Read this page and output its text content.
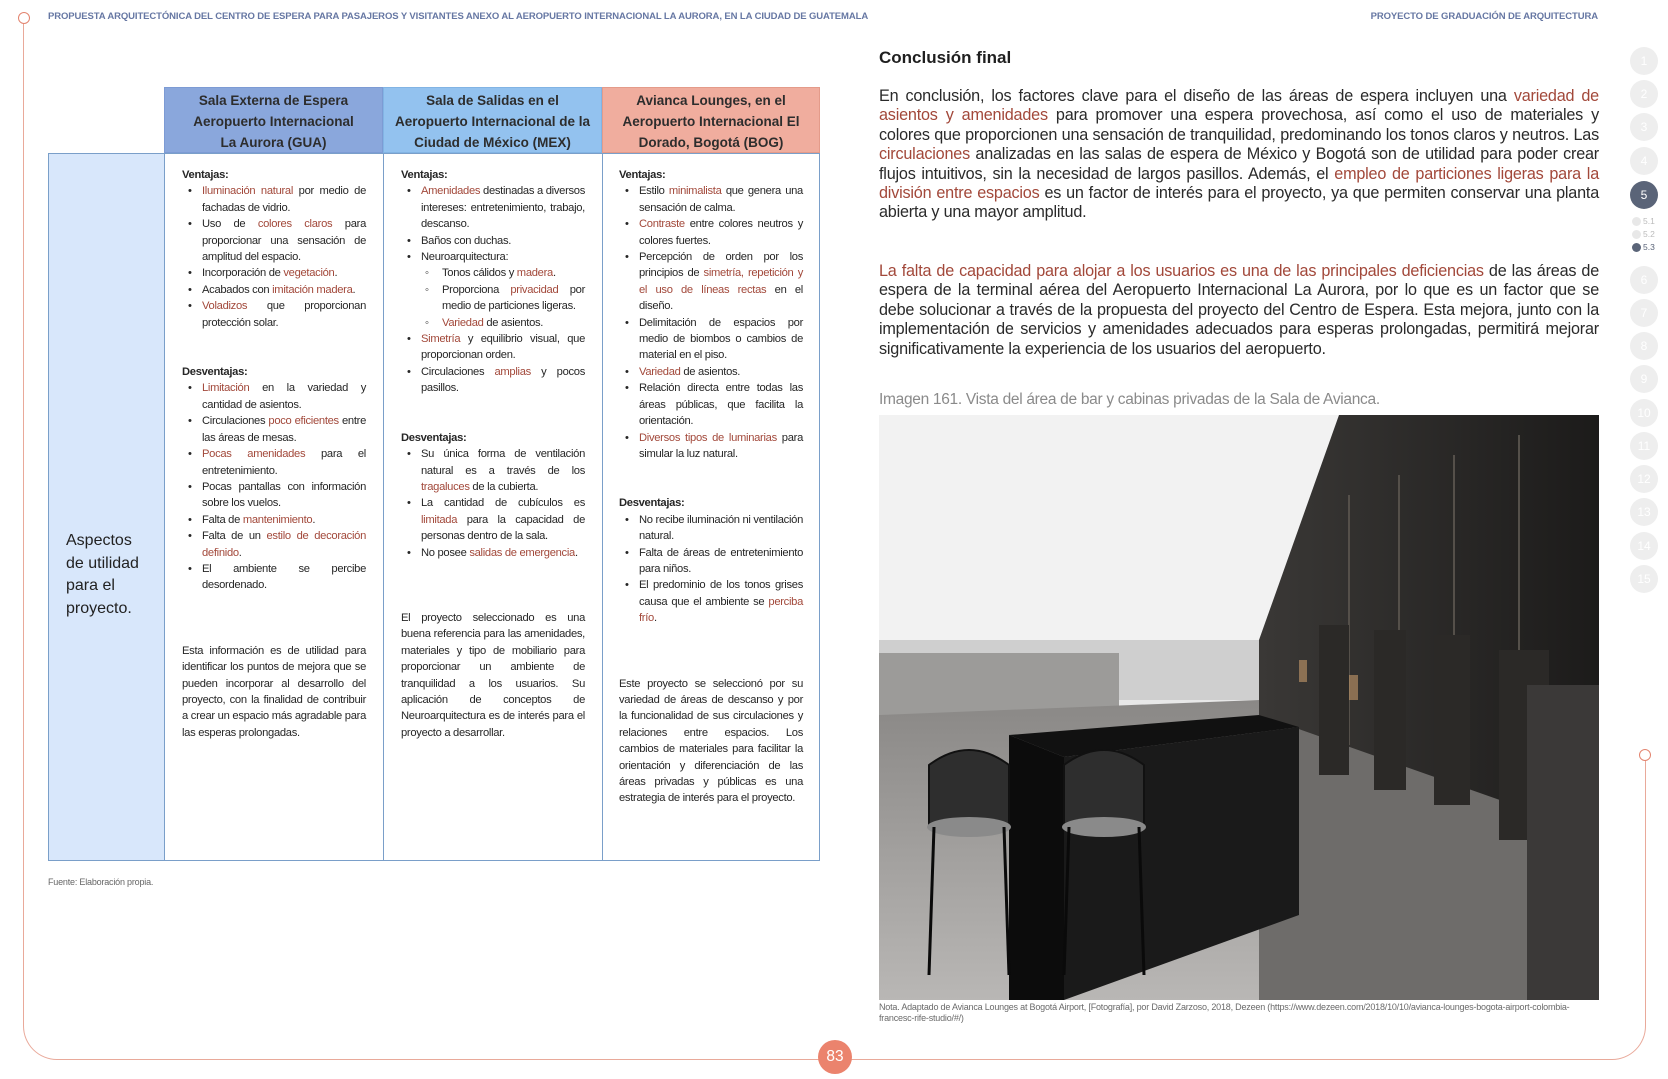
PROPUESTA ARQUITECTÓNICA DEL CENTRO DE ESPERA PARA PASAJEROS Y VISITANTES ANEXO AL AEROPUERTO INTERNACIONAL LA AURORA, EN LA CIUDAD DE GUATEMALA	PROYECTO DE GRADUACIÓN DE ARQUITECTURA
Sala Externa de Espera
Aeropuerto Internacional
La Aurora (GUA)
Sala de Salidas en el
Aeropuerto Internacional de la
Ciudad de México (MEX)
Avianca Lounges, en el
Aeropuerto Internacional El
Dorado, Bogotá (BOG)
Aspectos
de utilidad
para el
proyecto.
Ventajas:
• Iluminación natural por medio de fachadas de vidrio.
• Uso de colores claros para proporcionar una sensación de amplitud del espacio.
• Incorporación de vegetación.
• Acabados con imitación madera.
• Voladizos que proporcionan protección solar.
Desventajas:
• Limitación en la variedad y cantidad de asientos.
• Circulaciones poco eficientes entre las áreas de mesas.
• Pocas amenidades para el entretenimiento.
• Pocas pantallas con información sobre los vuelos.
• Falta de mantenimiento.
• Falta de un estilo de decoración definido.
• El ambiente se percibe desordenado.
Esta información es de utilidad para identificar los puntos de mejora que se pueden incorporar al desarrollo del proyecto, con la finalidad de contribuir a crear un espacio más agradable para las esperas prolongadas.
Ventajas:
• Amenidades destinadas a diversos intereses: entretenimiento, trabajo, descanso.
• Baños con duchas.
• Neuroarquitectura:
◦ Tonos cálidos y madera.
◦ Proporciona privacidad por medio de particiones ligeras.
◦ Variedad de asientos.
• Simetría y equilibrio visual, que proporcionan orden.
• Circulaciones amplias y pocos pasillos.
Desventajas:
• Su única forma de ventilación natural es a través de los tragaluces de la cubierta.
• La cantidad de cubículos es limitada para la capacidad de personas dentro de la sala.
• No posee salidas de emergencia.
El proyecto seleccionado es una buena referencia para las amenidades, materiales y tipo de mobiliario para proporcionar un ambiente de tranquilidad a los usuarios. Su aplicación de conceptos de Neuroarquitectura es de interés para el proyecto a desarrollar.
Ventajas:
• Estilo minimalista que genera una sensación de calma.
• Contraste entre colores neutros y colores fuertes.
• Percepción de orden por los principios de simetría, repetición y el uso de líneas rectas en el diseño.
• Delimitación de espacios por medio de biombos o cambios de material en el piso.
• Variedad de asientos.
• Relación directa entre todas las áreas públicas, que facilita la orientación.
• Diversos tipos de luminarias para simular la luz natural.
Desventajas:
• No recibe iluminación ni ventilación natural.
• Falta de áreas de entretenimiento para niños.
• El predominio de los tonos grises causa que el ambiente se perciba frío.
Este proyecto se seleccionó por su variedad de áreas de descanso y por la funcionalidad de sus circulaciones y relaciones entre espacios. Los cambios de materiales para facilitar la orientación y diferenciación de las áreas privadas y públicas es una estrategia de interés para el proyecto.
Fuente: Elaboración propia.
Conclusión final
En conclusión, los factores clave para el diseño de las áreas de espera incluyen una variedad de asientos y amenidades para promover una espera provechosa, así como el uso de materiales y colores que proporcionen una sensación de tranquilidad, predominando los tonos claros y neutros. Las circulaciones analizadas en las salas de espera de México y Bogotá son de utilidad para poder crear flujos intuitivos, sin la necesidad de largos pasillos. Además, el empleo de particiones ligeras para la división entre espacios es un factor de interés para el proyecto, ya que permiten conservar una planta abierta y una mayor amplitud.
La falta de capacidad para alojar a los usuarios es una de las principales deficiencias de las áreas de espera de la terminal aérea del Aeropuerto Internacional La Aurora, por lo que es un factor que se debe solucionar a través de la propuesta del proyecto del Centro de Espera. Esta mejora, junto con la implementación de servicios y amenidades adecuados para esperas prolongadas, permitirá mejorar significativamente la experiencia de los usuarios del aeropuerto.
Imagen 161. Vista del área de bar y cabinas privadas de la Sala de Avianca.
Nota. Adaptado de Avianca Lounges at Bogotá Airport, [Fotografía], por David Zarzoso, 2018, Dezeen (https://www.dezeen.com/2018/10/10/avianca-lounges-bogota-airport-colombia-francesc-rife-studio/#/)
1
2
3
4
5
5.1
5.2
5.3
6
7
8
9
10
11
12
13
14
15
83
